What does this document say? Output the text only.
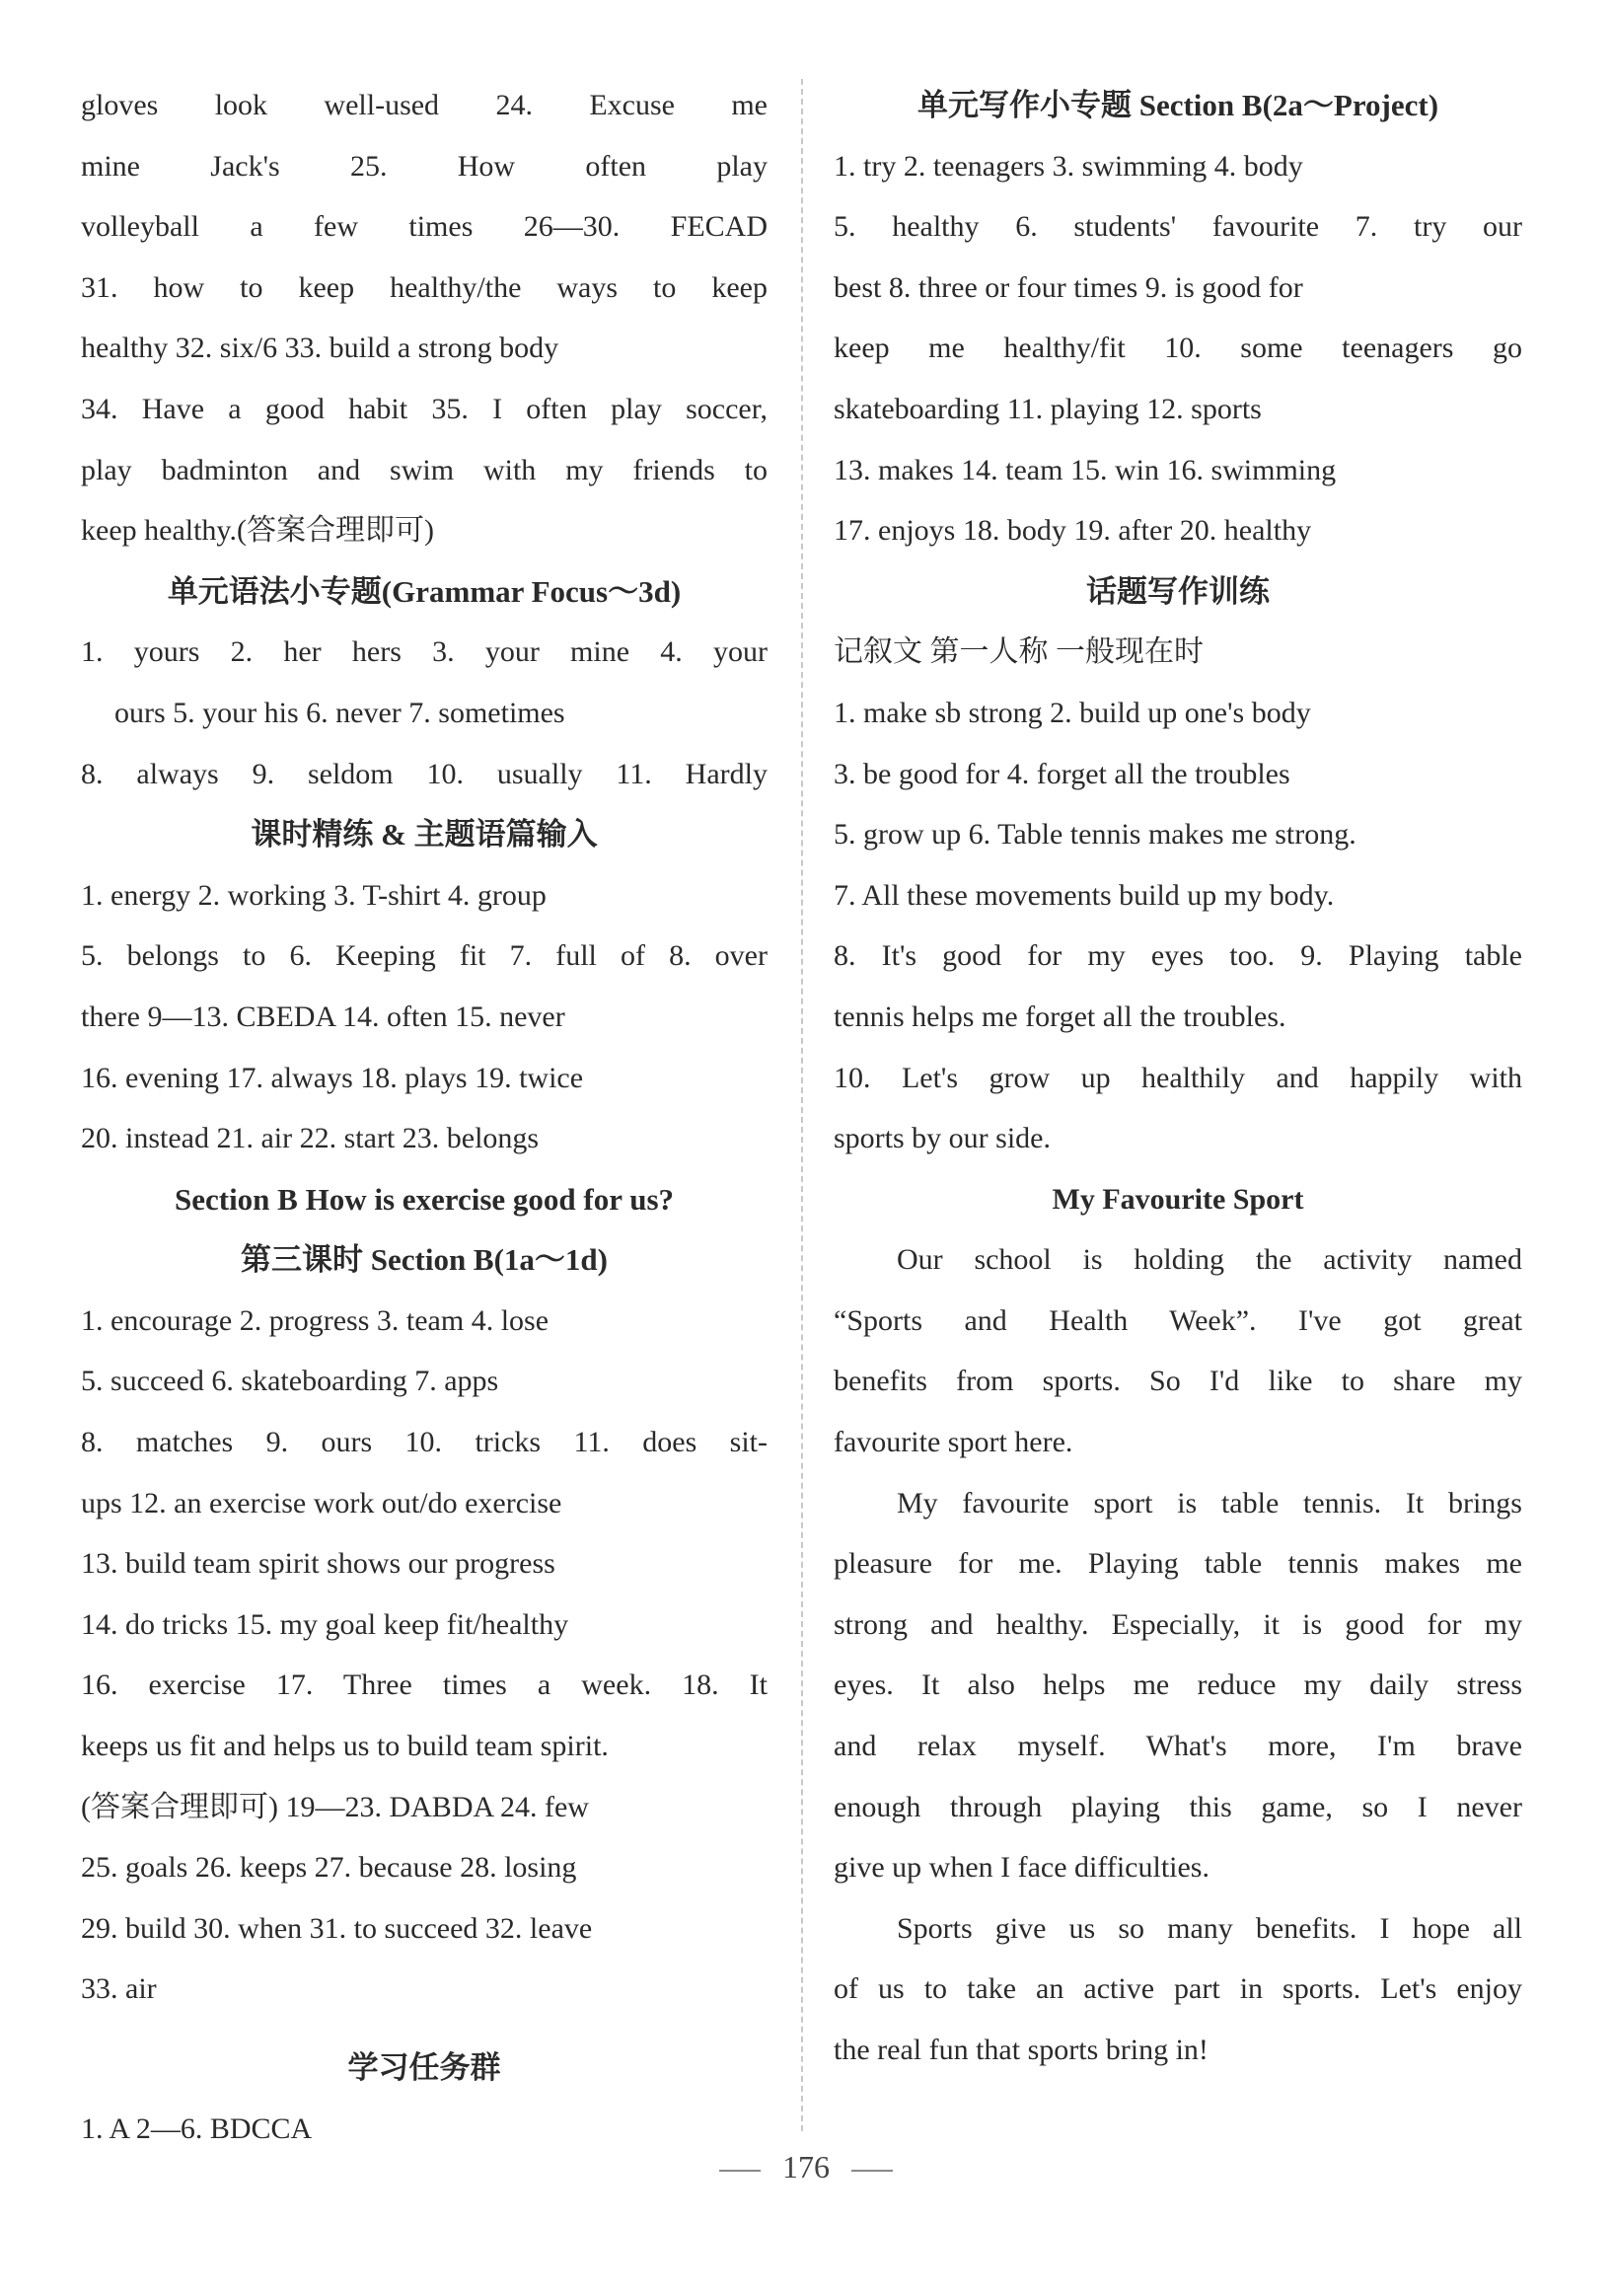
gloves look well-used 24. Excuse me
mine Jack's 25. How often play
volleyball a few times 26—30. FECAD
31. how to keep healthy/the ways to keep
healthy 32. six/6 33. build a strong body
34. Have a good habit 35. I often play soccer,
play badminton and swim with my friends to
keep healthy.(答案合理即可)
单元语法小专题(Grammar Focus～3d)
1. yours 2. her hers 3. your mine 4. your
ours 5. your his 6. never 7. sometimes
8. always 9. seldom 10. usually 11. Hardly
课时精练 & 主题语篇输入
1. energy 2. working 3. T-shirt 4. group
5. belongs to 6. Keeping fit 7. full of 8. over
there 9—13. CBEDA 14. often 15. never
16. evening 17. always 18. plays 19. twice
20. instead 21. air 22. start 23. belongs
Section B How is exercise good for us?
第三课时 Section B(1a～1d)
1. encourage 2. progress 3. team 4. lose
5. succeed 6. skateboarding 7. apps
8. matches 9. ours 10. tricks 11. does sit-
ups 12. an exercise work out/do exercise
13. build team spirit shows our progress
14. do tricks 15. my goal keep fit/healthy
16. exercise 17. Three times a week. 18. It
keeps us fit and helps us to build team spirit.
(答案合理即可) 19—23. DABDA 24. few
25. goals 26. keeps 27. because 28. losing
29. build 30. when 31. to succeed 32. leave
33. air
学习任务群
1. A 2—6. BDCCA
单元写作小专题 Section B(2a～Project)
1. try 2. teenagers 3. swimming 4. body
5. healthy 6. students' favourite 7. try our
best 8. three or four times 9. is good for
keep me healthy/fit 10. some teenagers go
skateboarding 11. playing 12. sports
13. makes 14. team 15. win 16. swimming
17. enjoys 18. body 19. after 20. healthy
话题写作训练
记叙文 第一人称 一般现在时
1. make sb strong 2. build up one's body
3. be good for 4. forget all the troubles
5. grow up 6. Table tennis makes me strong.
7. All these movements build up my body.
8. It's good for my eyes too. 9. Playing table
tennis helps me forget all the troubles.
10. Let's grow up healthily and happily with
sports by our side.
My Favourite Sport
Our school is holding the activity named
“Sports and Health Week”. I've got great
benefits from sports. So I'd like to share my
favourite sport here.
My favourite sport is table tennis. It brings
pleasure for me. Playing table tennis makes me
strong and healthy. Especially, it is good for my
eyes. It also helps me reduce my daily stress
and relax myself. What's more, I'm brave
enough through playing this game, so I never
give up when I face difficulties.
Sports give us so many benefits. I hope all
of us to take an active part in sports. Let's enjoy
the real fun that sports bring in!
176
